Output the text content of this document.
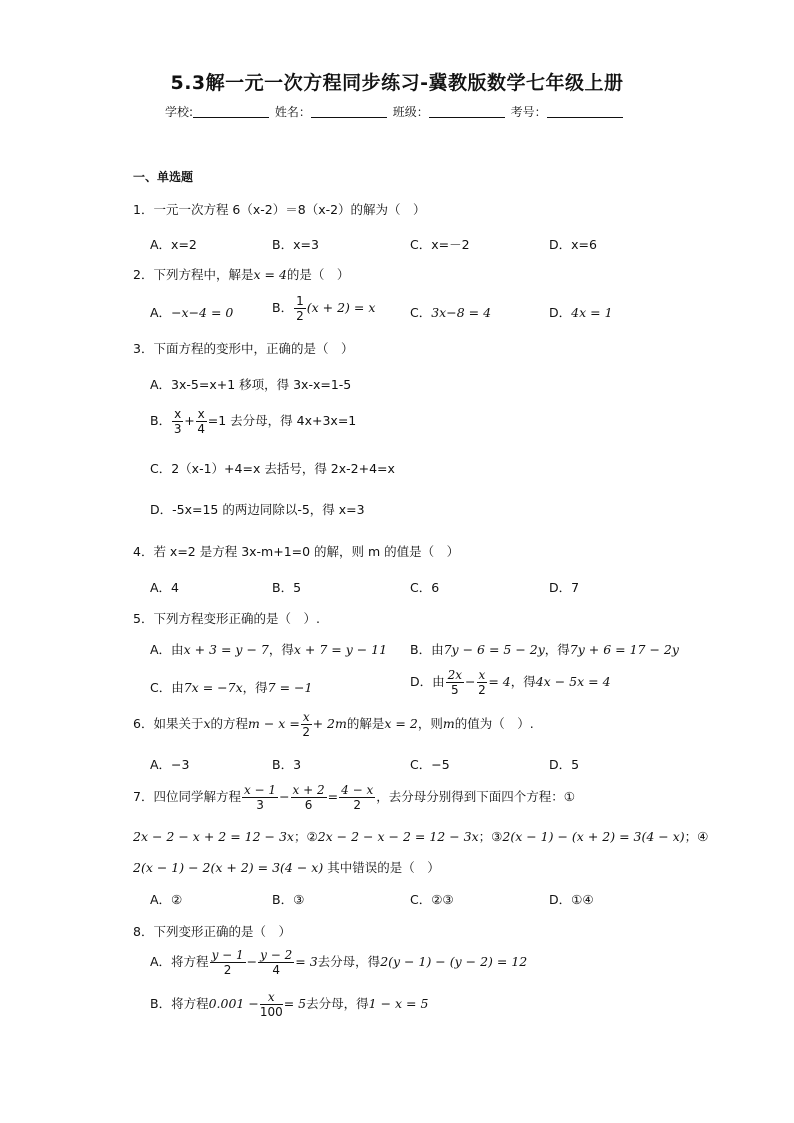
5.3解一元一次方程同步练习-冀教版数学七年级上册
学校:	姓名：	班级：	考号：
一、单选题
1．一元一次方程 6（x-2）＝8（x-2）的解为（　）
A．x=2	B．x=3	C．x=－2	D．x=6
2．下列方程中，解是x = 4的是（　）
A．−x−4 = 0	B． $\frac{1}{2} (x + 2) = x$	C．3x−8 = 4	D．4x = 1
3．下面方程的变形中，正确的是（　）
A．3x-5=x+1 移项，得 3x-x=1-5
B． $\frac{x}{3} + \frac{x}{4} =1$ 去分母，得 4x+3x=1
C．2（x-1）+4=x 去括号，得 2x-2+4=x
D．-5x=15 的两边同除以-5，得 x=3
4．若 x=2 是方程 3x-m+1=0 的解，则 m 的值是（　）
A．4	B．5	C．6	D．7
5．下列方程变形正确的是（　）.
A．由x + 3 = y − 7，得x + 7 = y − 11 B．由7y − 6 = 5 − 2y，得7y + 6 = 17 − 2y
C．由7x = −7x，得7 = −1	D．由 $\frac{2x}{5} - \frac{x}{2} = 4$，得4x − 5x = 4
6．如果关于x的方程$m - x = \frac{x}{2} + 2m$的解是x = 2，则m的值为（　）.
A．−3	B．3	C．−5	D．5
7．四位同学解方程 $\frac{x - 1}{3} - \frac{x + 2}{6} = \frac{4 - x}{2}$ ，去分母分别得到下面四个方程：①
2x − 2 − x + 2 = 12 − 3x；②2x − 2 − x − 2 = 12 − 3x；③2(x − 1) − (x + 2) = 3(4 − x)；④
2(x − 1) − 2(x + 2) = 3(4 − x) 其中错误的是（　）
A．②	B．③	C．②③	D．①④
8．下列变形正确的是（　）
A．将方程 $\frac{y - 1}{2} - \frac{y - 2}{4} = 3$去分母，得2(y − 1) − (y − 2) = 12
B．将方程$0.001 - \frac{x}{100} = 5$去分母，得1 − x = 5
